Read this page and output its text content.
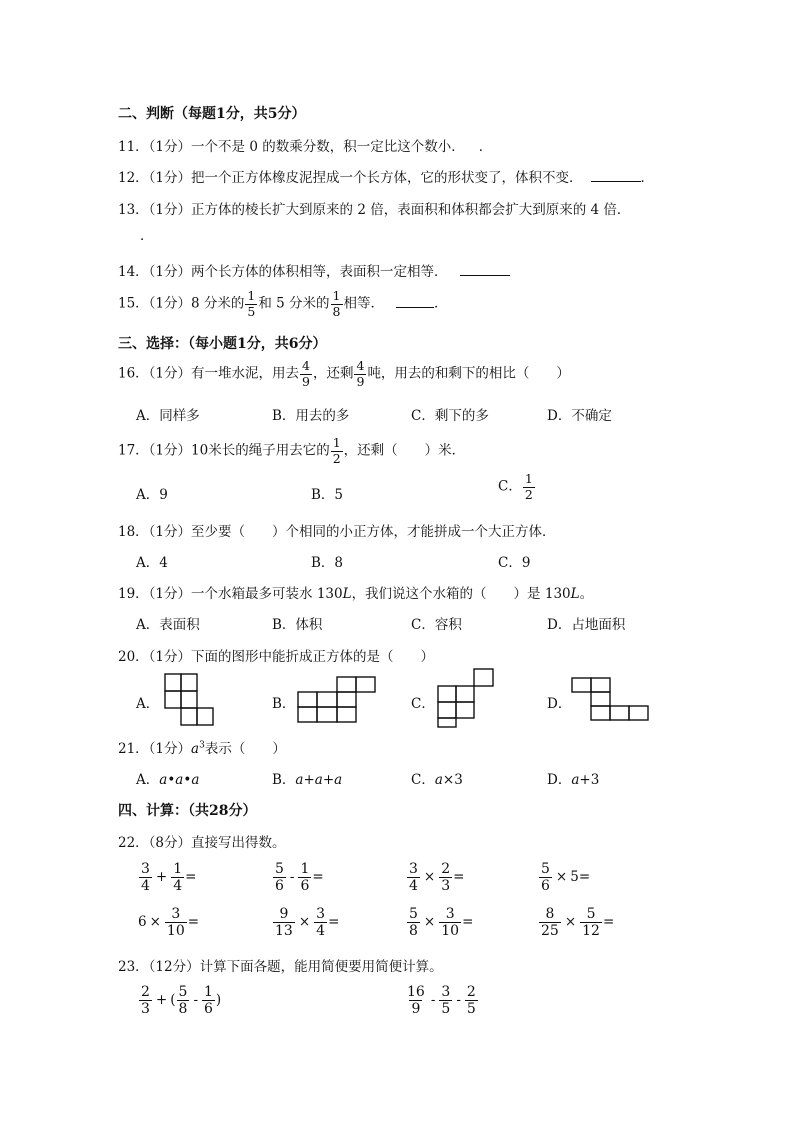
二、判断（每题1分，共5分）
11．（1分）一个不是 0 的数乘分数，积一定比这个数小． ．
12．（1分）把一个正方体橡皮泥捏成一个长方体，它的形状变了，体积不变．	．
13．（1分）正方体的棱长扩大到原来的 2 倍，表面积和体积都会扩大到原来的 4 倍．
．
14．（1分）两个长方体的体积相等，表面积一定相等．
15．（1分）8 分米的 $\frac{1}{5}$ 和 5 分米的 $\frac{1}{8}$ 相等．	．
三、选择：（每小题1分，共6分）
16．（1分）有一堆水泥，用去 $\frac{4}{9}$ ，还剩 $\frac{4}{9}$ 吨，用去的和剩下的相比（　　）
A．同样多	B．用去的多	C．剩下的多	D．不确定
17．（1分）10米长的绳子用去它的 $\frac{1}{2}$ ，还剩（　　）米．
A．9	B．5
C． $\frac{1}{2}$
18．（1分）至少要（　　）个相同的小正方体，才能拼成一个大正方体．
A．4	B．8	C．9
19．（1分）一个水箱最多可装水 130L，我们说这个水箱的（　　）是 130L。
A．表面积	B．体积	C．容积	D．占地面积
20．（1分）下面的图形中能折成正方体的是（　　）
A．	B．	C．	D．
21．（1分）$a^3$表示（　　）
A．a•a•a	B．a+a+a	C．a×3	D．a+3
四、计算：（共28分）
22．（8分）直接写出得数。
$\frac{3}{4} + \frac{1}{4}$ =	$\frac{5}{6} - \frac{1}{6}$ =	$\frac{3}{4} \times \frac{2}{3}$ =	$\frac{5}{6} \times 5=$
$6 \times \frac{3}{10}$ =	$\frac{9}{13} \times \frac{3}{4}$ =	$\frac{5}{8} \times \frac{3}{10}$ =	$\frac{8}{25} \times \frac{5}{12}$ =
23．（12分）计算下面各题，能用简便要用简便计算。
$\frac{2}{3}$ + ( $\frac{5}{8} - \frac{1}{6}$ )	$\frac{16}{9} - \frac{3}{5} - \frac{2}{5}$
